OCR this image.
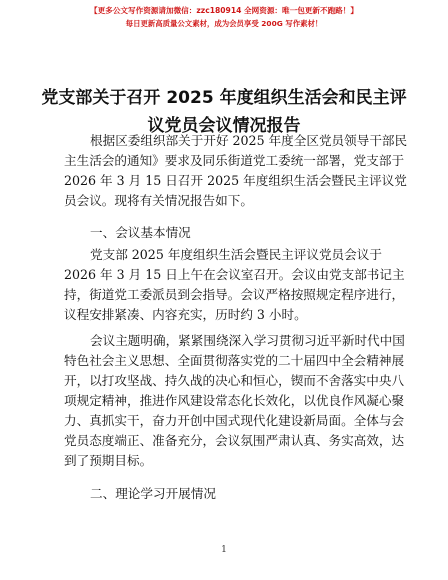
【更多公文写作资源请加微信：zzc180914 全网资源：唯一包更新不跑路！】
每日更新高质量公文素材，成为会员享受 200G 写作素材！
党支部关于召开 2025 年度组织生活会和民主评
议党员会议情况报告
根据区委组织部关于开好 2025 年度全区党员领导干部民
主生活会的通知》要求及同乐街道党工委统一部署，党支部于
2026 年 3 月 15 日召开 2025 年度组织生活会暨民主评议党
员会议。现将有关情况报告如下。
一、会议基本情况
党支部 2025 年度组织生活会暨民主评议党员会议于
2026 年 3 月 15 日上午在会议室召开。会议由党支部书记主
持，街道党工委派员到会指导。会议严格按照规定程序进行，
议程安排紧凑、内容充实，历时约 3 小时。
会议主题明确，紧紧围绕深入学习贯彻习近平新时代中国
特色社会主义思想、全面贯彻落实党的二十届四中全会精神展
开，以打攻坚战、持久战的决心和恒心，锲而不舍落实中央八
项规定精神，推进作风建设常态化长效化，以优良作风凝心聚
力、真抓实干，奋力开创中国式现代化建设新局面。全体与会
党员态度端正、准备充分，会议氛围严肃认真、务实高效，达
到了预期目标。
二、理论学习开展情况
1
